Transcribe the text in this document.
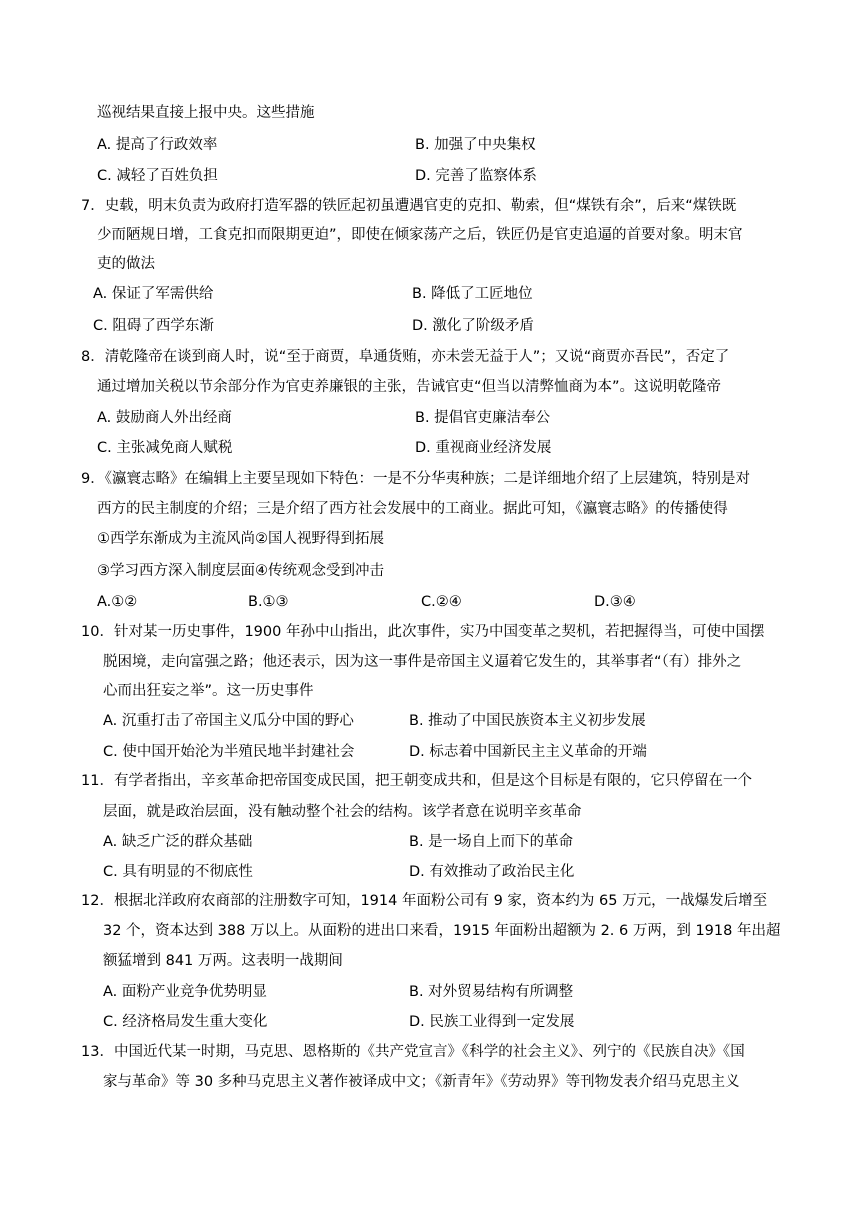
巡视结果直接上报中央。这些措施
A. 提高了行政效率	B. 加强了中央集权
C. 减轻了百姓负担	D. 完善了监察体系
7．史载，明末负责为政府打造军器的铁匠起初虽遭遇官吏的克扣、勒索，但“煤铁有余”，后来“煤铁既
少而陋规日增，工食克扣而限期更迫”，即使在倾家荡产之后，铁匠仍是官吏追逼的首要对象。明末官
吏的做法
A. 保证了军需供给	B. 降低了工匠地位
C. 阻碍了西学东渐	D. 激化了阶级矛盾
8．清乾隆帝在谈到商人时，说“至于商贾，阜通货贿，亦未尝无益于人”；又说“商贾亦吾民”，否定了
通过增加关税以节余部分作为官吏养廉银的主张，告诫官吏“但当以清弊恤商为本”。这说明乾隆帝
A. 鼓励商人外出经商	B. 提倡官吏廉洁奉公
C. 主张减免商人赋税	D. 重视商业经济发展
9．《瀛寰志略》在编辑上主要呈现如下特色：一是不分华夷种族；二是详细地介绍了上层建筑，特别是对
西方的民主制度的介绍；三是介绍了西方社会发展中的工商业。据此可知，《瀛寰志略》的传播使得
①西学东渐成为主流风尚②国人视野得到拓展
③学习西方深入制度层面④传统观念受到冲击
A.①②	B.①③	C.②④	D.③④
10．针对某一历史事件，1900 年孙中山指出，此次事件，实乃中国变革之契机，若把握得当，可使中国摆
脱困境，走向富强之路；他还表示，因为这一事件是帝国主义逼着它发生的，其举事者“（有）排外之
心而出狂妄之举”。这一历史事件
A. 沉重打击了帝国主义瓜分中国的野心	B. 推动了中国民族资本主义初步发展
C. 使中国开始沦为半殖民地半封建社会	D. 标志着中国新民主主义革命的开端
11．有学者指出，辛亥革命把帝国变成民国，把王朝变成共和，但是这个目标是有限的，它只停留在一个
层面，就是政治层面，没有触动整个社会的结构。该学者意在说明辛亥革命
A. 缺乏广泛的群众基础	B. 是一场自上而下的革命
C. 具有明显的不彻底性	D. 有效推动了政治民主化
12．根据北洋政府农商部的注册数字可知，1914 年面粉公司有 9 家，资本约为 65 万元，一战爆发后增至
32 个，资本达到 388 万以上。从面粉的进出口来看，1915 年面粉出超额为 2. 6 万两，到 1918 年出超
额猛增到 841 万两。这表明一战期间
A. 面粉产业竞争优势明显	B. 对外贸易结构有所调整
C. 经济格局发生重大变化	D. 民族工业得到一定发展
13．中国近代某一时期，马克思、恩格斯的《共产党宣言》《科学的社会主义》、列宁的《民族自决》《国
家与革命》等 30 多种马克思主义著作被译成中文；《新青年》《劳动界》等刊物发表介绍马克思主义
